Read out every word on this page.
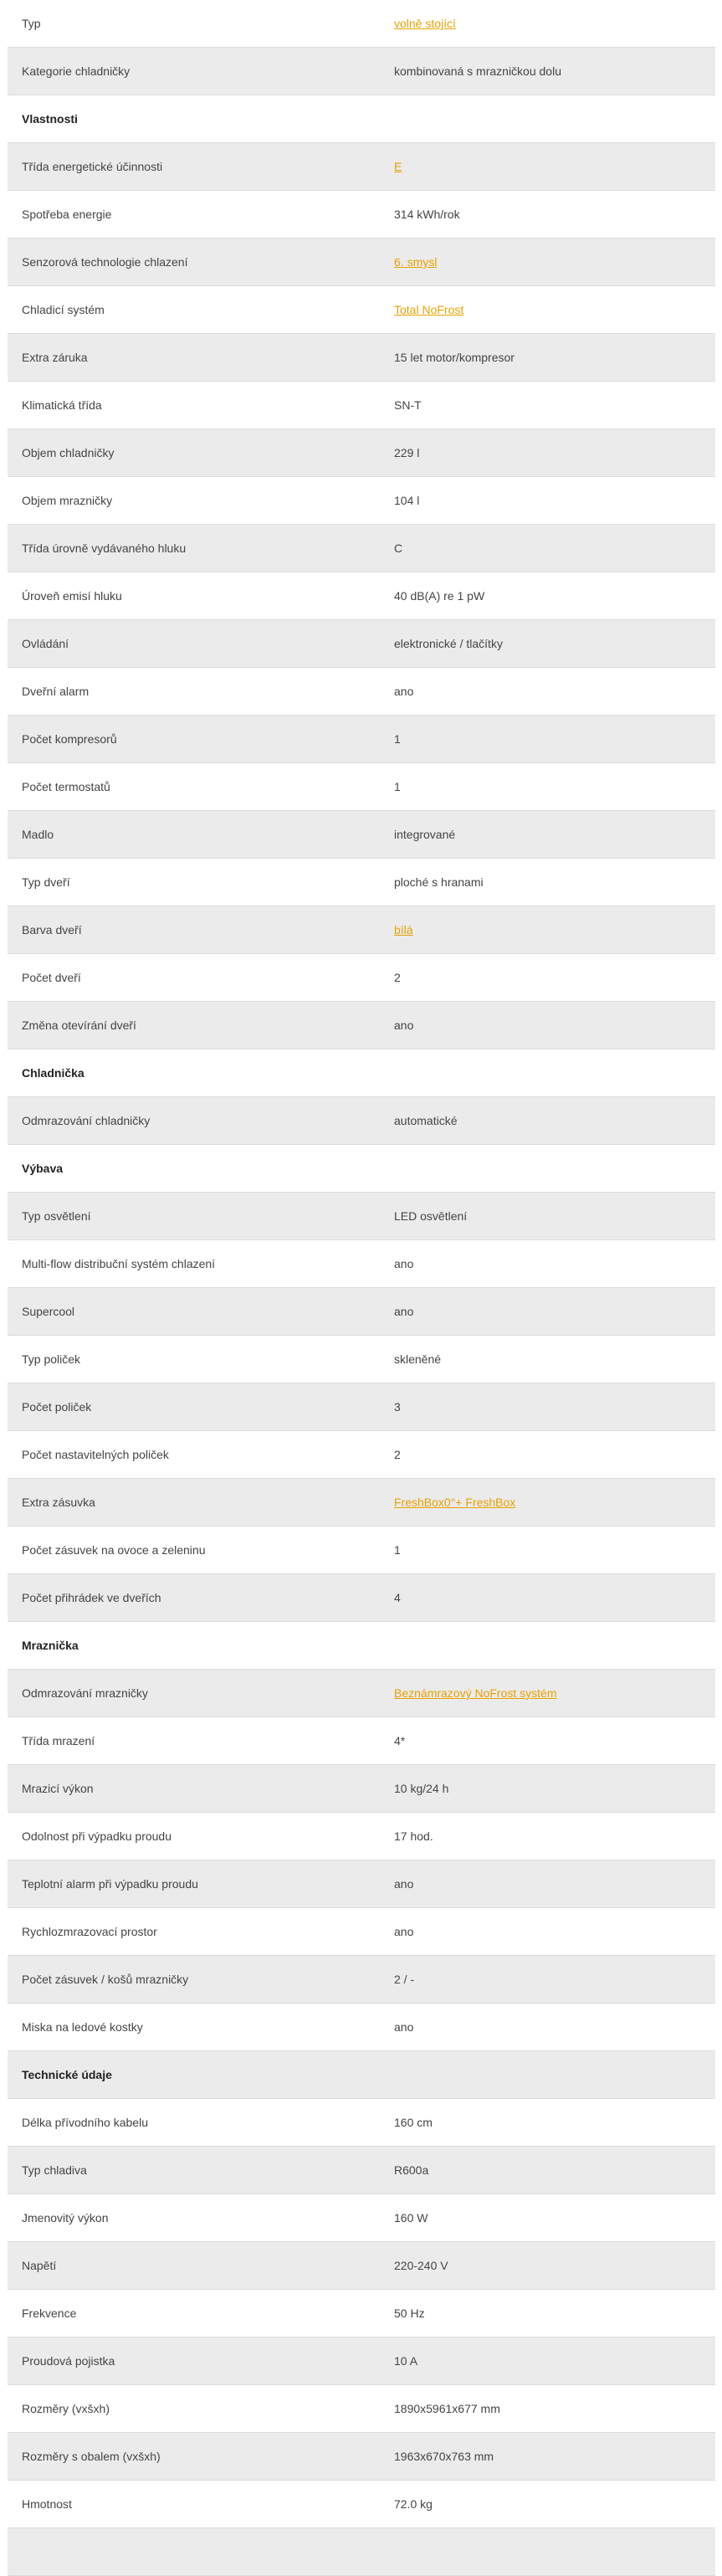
Typ	volně stojící
Kategorie chladničky	kombinovaná s mrazničkou dolu
Vlastnosti
Třída energetické účinnosti	E
Spotřeba energie	314 kWh/rok
Senzorová technologie chlazení	6. smysl
Chladicí systém	Total NoFrost
Extra záruka	15 let motor/kompresor
Klimatická třída	SN-T
Objem chladničky	229 l
Objem mrazničky	104 l
Třída úrovně vydávaného hluku	C
Úroveň emisí hluku	40 dB(A) re 1 pW
Ovládání	elektronické / tlačítky
Dveřní alarm	ano
Počet kompresorů	1
Počet termostatů	1
Madlo	integrované
Typ dveří	ploché s hranami
Barva dveří	bílá
Počet dveří	2
Změna otevírání dveří	ano
Chladnička
Odmrazování chladničky	automatické
Výbava
Typ osvětlení	LED osvětlení
Multi-flow distribuční systém chlazení	ano
Supercool	ano
Typ poliček	skleněné
Počet poliček	3
Počet nastavitelných poliček	2
Extra zásuvka	FreshBox0°+ FreshBox
Počet zásuvek na ovoce a zeleninu	1
Počet přihrádek ve dveřích	4
Mraznička
Odmrazování mrazničky	Beznámrazový NoFrost systém
Třída mrazení	4*
Mrazicí výkon	10 kg/24 h
Odolnost při výpadku proudu	17 hod.
Teplotní alarm při výpadku proudu	ano
Rychlozmrazovací prostor	ano
Počet zásuvek / košů mrazničky	2 / -
Miska na ledové kostky	ano
Technické údaje
Délka přívodního kabelu	160 cm
Typ chladiva	R600a
Jmenovitý výkon	160 W
Napětí	220-240 V
Frekvence	50 Hz
Proudová pojistka	10 A
Rozměry (vxšxh)	1890x5961x677 mm
Rozměry s obalem (vxšxh)	1963x670x763 mm
Hmotnost	72.0 kg
